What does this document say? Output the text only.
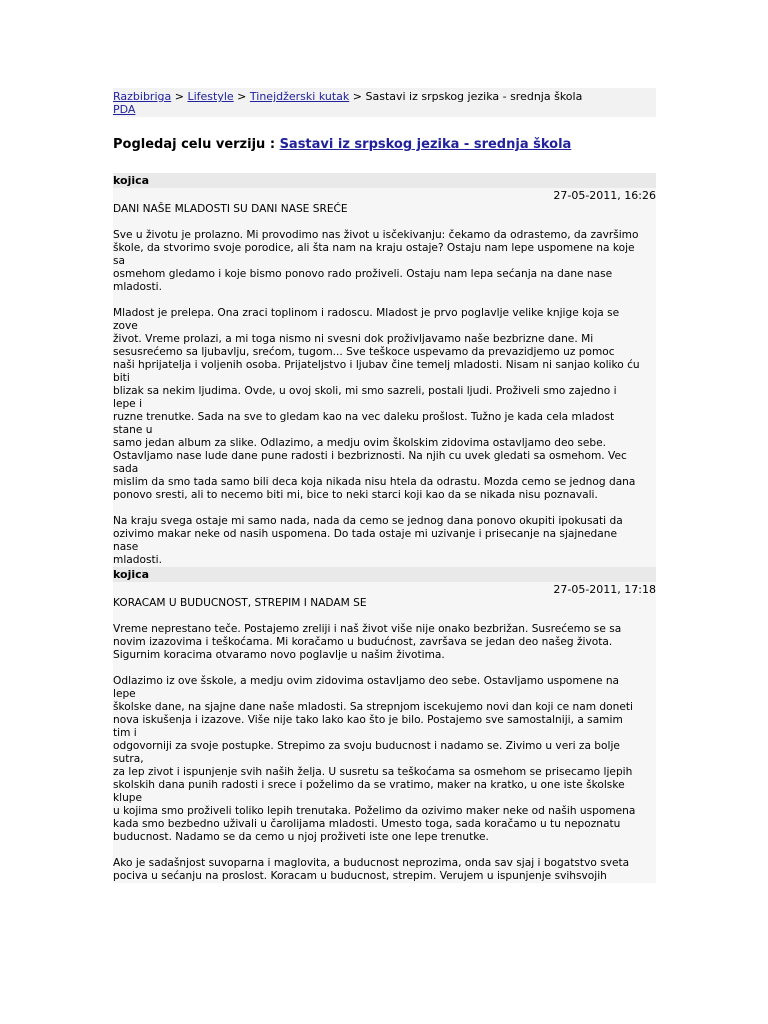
Razbibriga > Lifestyle > Tinejdžerski kutak > Sastavi iz srpskog jezika - srednja škola
PDA
Pogledaj celu verziju : Sastavi iz srpskog jezika - srednja škola
kojica
27-05-2011, 16:26

DANI NAŠE MLADOSTI SU DANI NASE SREĆE

Sve u životu je prolazno. Mi provodimo nas život u isčekivanju: čekamo da odrastemo, da završimo
škole, da stvorimo svoje porodice, ali šta nam na kraju ostaje? Ostaju nam lepe uspomene na koje
sa
osmehom gledamo i koje bismo ponovo rado proživeli. Ostaju nam lepa sećanja na dane nase
mladosti.

Mladost je prelepa. Ona zraci toplinom i radoscu. Mladost je prvo poglavlje velike knjige koja se
zove
život. Vreme prolazi, a mi toga nismo ni svesni dok proživljavamo naše bezbrizne dane. Mi
sesusrećemo sa ljubavlju, srećom, tugom... Sve teškoce uspevamo da prevazidjemo uz pomoc
naši hprijatelja i voljenih osoba. Prijateljstvo i ljubav čine temelj mladosti. Nisam ni sanjao koliko ću
biti
blizak sa nekim ljudima. Ovde, u ovoj skoli, mi smo sazreli, postali ljudi. Proživeli smo zajedno i
lepe i
ruzne trenutke. Sada na sve to gledam kao na vec daleku prošlost. Tužno je kada cela mladost
stane u
samo jedan album za slike. Odlazimo, a medju ovim školskim zidovima ostavljamo deo sebe.
Ostavljamo nase lude dane pune radosti i bezbriznosti. Na njih cu uvek gledati sa osmehom. Vec
sada
mislim da smo tada samo bili deca koja nikada nisu htela da odrastu. Mozda cemo se jednog dana
ponovo sresti, ali to necemo biti mi, bice to neki starci koji kao da se nikada nisu poznavali.

Na kraju svega ostaje mi samo nada, nada da cemo se jednog dana ponovo okupiti ipokusati da
ozivimo makar neke od nasih uspomena. Do tada ostaje mi uzivanje i prisecanje na sjajnedane
nase
mladosti.

kojica
27-05-2011, 17:18

KORACAM U BUDUCNOST, STREPIM I NADAM SE

Vreme neprestano teče. Postajemo zreliji i naš život više nije onako bezbrižan. Susrećemo se sa
novim izazovima i teškoćama. Mi koračamo u budućnost, završava se jedan deo našeg života.
Sigurnim koracima otvaramo novo poglavlje u našim životima.

Odlazimo iz ove šskole, a medju ovim zidovima ostavljamo deo sebe. Ostavljamo uspomene na
lepe
školske dane, na sjajne dane naše mladosti. Sa strepnjom iscekujemo novi dan koji ce nam doneti
nova iskušenja i izazove. Više nije tako lako kao što je bilo. Postajemo sve samostalniji, a samim
tim i
odgovorniji za svoje postupke. Strepimo za svoju buducnost i nadamo se. Zivimo u veri za bolje
sutra,
za lep zivot i ispunjenje svih naših želja. U susretu sa teškoćama sa osmehom se prisecamo ljepih
skolskih dana punih radosti i srece i poželimo da se vratimo, maker na kratko, u one iste školske
klupe
u kojima smo proživeli toliko lepih trenutaka. Poželimo da ozivimo maker neke od naših uspomena
kada smo bezbedno uživali u čarolijama mladosti. Umesto toga, sada koračamo u tu nepoznatu
buducnost. Nadamo se da cemo u njoj proživeti iste one lepe trenutke.

Ako je sadašnjost suvoparna i maglovita, a buducnost neprozima, onda sav sjaj i bogatstvo sveta
pociva u sećanju na proslost. Koracam u buducnost, strepim. Verujem u ispunjenje svihsvojih
